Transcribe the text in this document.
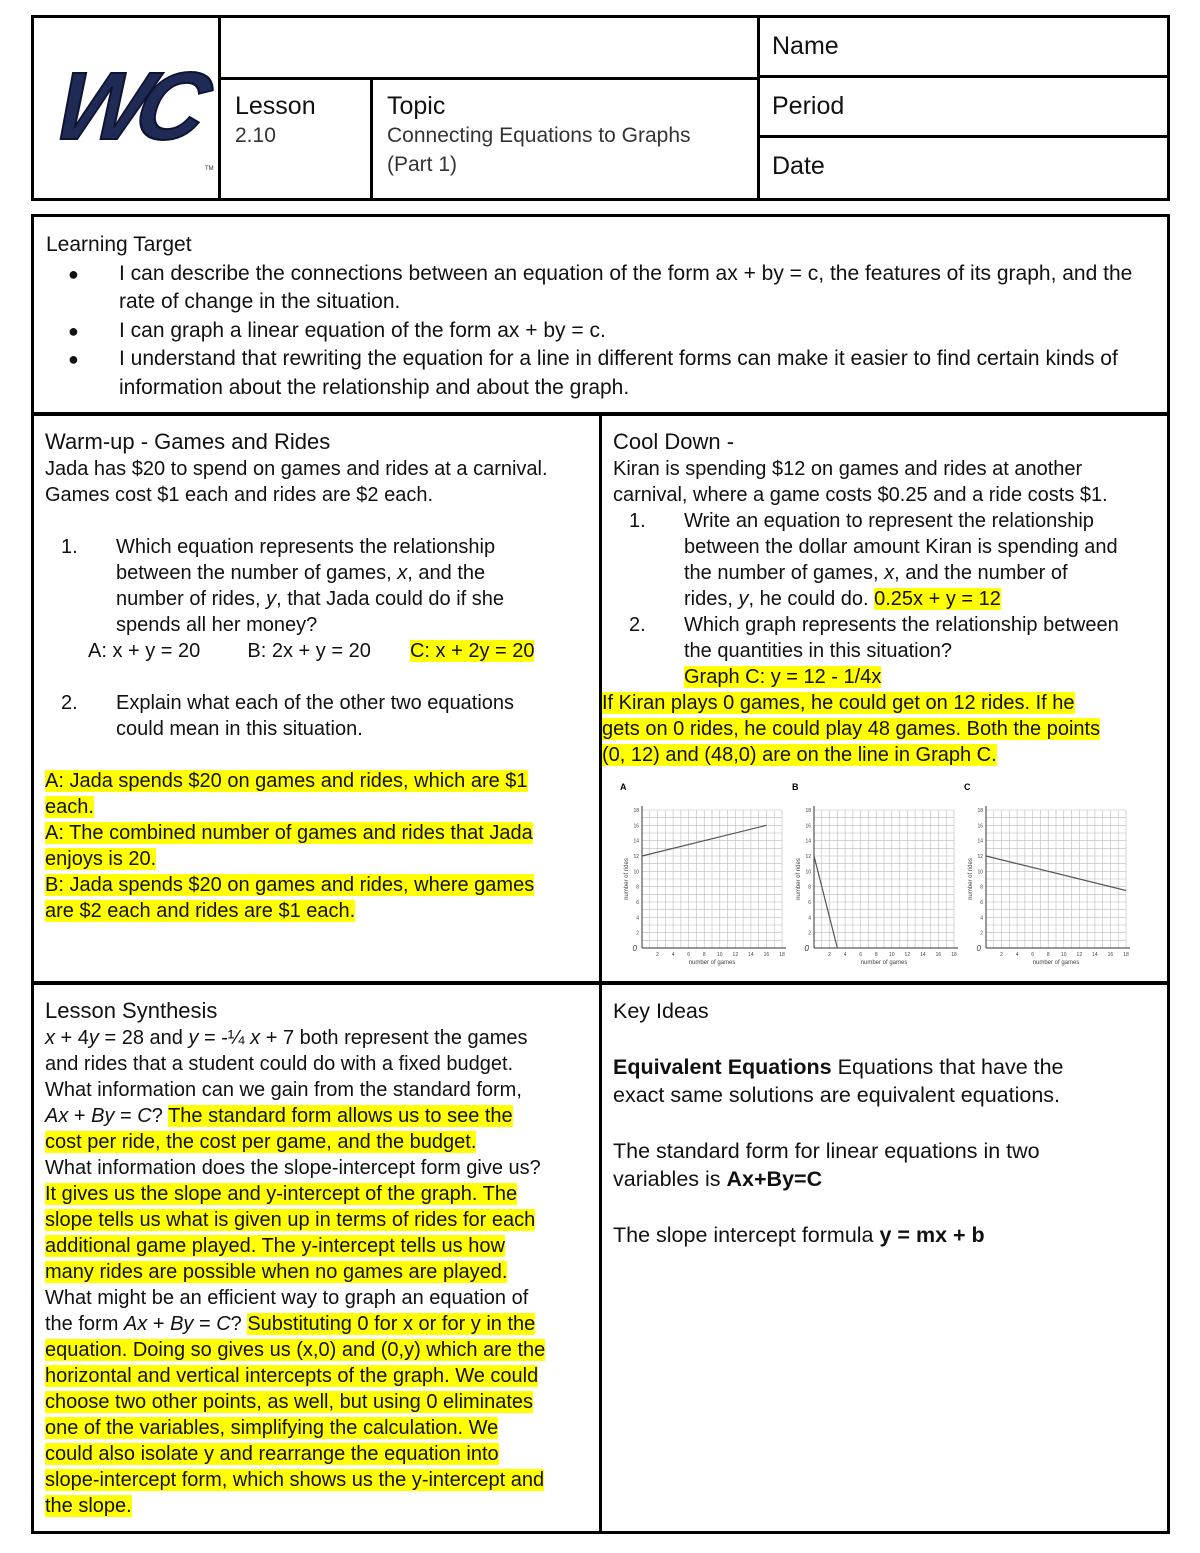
WC
TM
Lesson
2.10
Topic
Connecting Equations to Graphs
(Part 1)
Name
Period
Date
Learning Target
● I can describe the connections between an equation of the form ax + by = c, the features of its graph, and the rate of change in the situation.
● I can graph a linear equation of the form ax + by = c.
● I understand that rewriting the equation for a line in different forms can make it easier to find certain kinds of information about the relationship and about the graph.
Warm-up - Games and Rides
Jada has $20 to spend on games and rides at a carnival.
Games cost $1 each and rides are $2 each.
1. Which equation represents the relationship
between the number of games, x, and the
number of rides, y, that Jada could do if she
spends all her money?
A: x + y = 20 B: 2x + y = 20 C: x + 2y = 20
2. Explain what each of the other two equations
could mean in this situation.
A: Jada spends $20 on games and rides, which are $1
each.
A: The combined number of games and rides that Jada
enjoys is 20.
B: Jada spends $20 on games and rides, where games
are $2 each and rides are $1 each.
Cool Down -
Kiran is spending $12 on games and rides at another
carnival, where a game costs $0.25 and a ride costs $1.
1. Write an equation to represent the relationship
between the dollar amount Kiran is spending and
the number of games, x, and the number of
rides, y, he could do. 0.25x + y = 12
2. Which graph represents the relationship between
the quantities in this situation?
Graph C: y = 12 - 1/4x
If Kiran plays 0 games, he could get on 12 rides. If he
gets on 0 rides, he could play 48 games. Both the points
(0, 12) and (48,0) are on the line in Graph C.
A
2	4	6	8 10 12 14 16 18
2
4
6
8
10
12
14
16
18
0
number of games
number of rides
B
2	4	6	8 10 12 14 16 18
2
4
6
8
10
12
14
16
18
0
number of games
number of rides
C
2	4	6	8 10 12 14 16 18
2
4
6
8
10
12
14
16
18
0
number of games
number of rides
Lesson Synthesis
x + 4y = 28 and y = -¼ x + 7 both represent the games
and rides that a student could do with a fixed budget.
What information can we gain from the standard form,
Ax + By = C? The standard form allows us to see the
cost per ride, the cost per game, and the budget.
What information does the slope-intercept form give us?
It gives us the slope and y-intercept of the graph. The
slope tells us what is given up in terms of rides for each
additional game played. The y-intercept tells us how
many rides are possible when no games are played.
What might be an efficient way to graph an equation of
the form Ax + By = C? Substituting 0 for x or for y in the
equation. Doing so gives us (x,0) and (0,y) which are the
horizontal and vertical intercepts of the graph. We could
choose two other points, as well, but using 0 eliminates
one of the variables, simplifying the calculation. We
could also isolate y and rearrange the equation into
slope-intercept form, which shows us the y-intercept and
the slope.

Key Ideas

Equivalent Equations Equations that have the

exact same solutions are equivalent equations.

The standard form for linear equations in two

variables is Ax+By=C

The slope intercept formula y = mx + b
